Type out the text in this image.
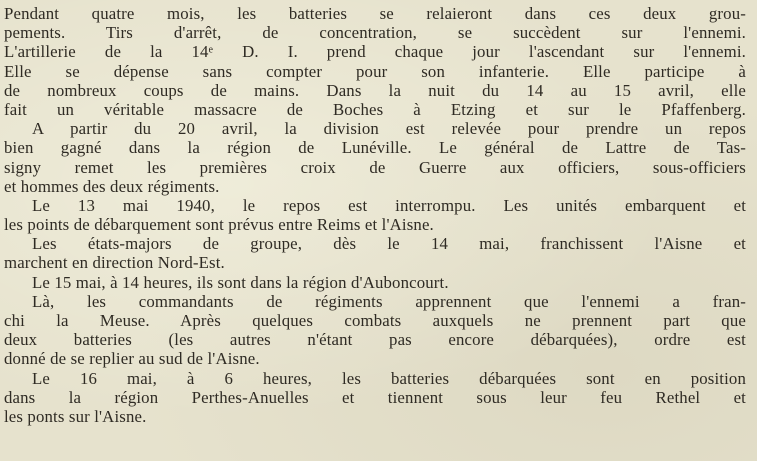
Pendant quatre mois, les batteries se relaieront dans ces deux grou-
pements. Tirs d'arrêt, de concentration, se succèdent sur l'ennemi.
L'artillerie de la 14ᵉ D. I. prend chaque jour l'ascendant sur l'ennemi.
Elle se dépense sans compter pour son infanterie. Elle participe à
de nombreux coups de mains. Dans la nuit du 14 au 15 avril, elle
fait un véritable massacre de Boches à Etzing et sur le Pfaffenberg.
A partir du 20 avril, la division est relevée pour prendre un repos
bien gagné dans la région de Lunéville. Le général de Lattre de Tas-
signy remet les premières croix de Guerre aux officiers, sous-officiers
et hommes des deux régiments.
Le 13 mai 1940, le repos est interrompu. Les unités embarquent et
les points de débarquement sont prévus entre Reims et l'Aisne.
Les états-majors de groupe, dès le 14 mai, franchissent l'Aisne et
marchent en direction Nord-Est.
Le 15 mai, à 14 heures, ils sont dans la région d'Auboncourt.
Là, les commandants de régiments apprennent que l'ennemi a fran-
chi la Meuse. Après quelques combats auxquels ne prennent part que
deux batteries (les autres n'étant pas encore débarquées), ordre est
donné de se replier au sud de l'Aisne.
Le 16 mai, à 6 heures, les batteries débarquées sont en position
dans la région Perthes-Anuelles et tiennent sous leur feu Rethel et
les ponts sur l'Aisne.
